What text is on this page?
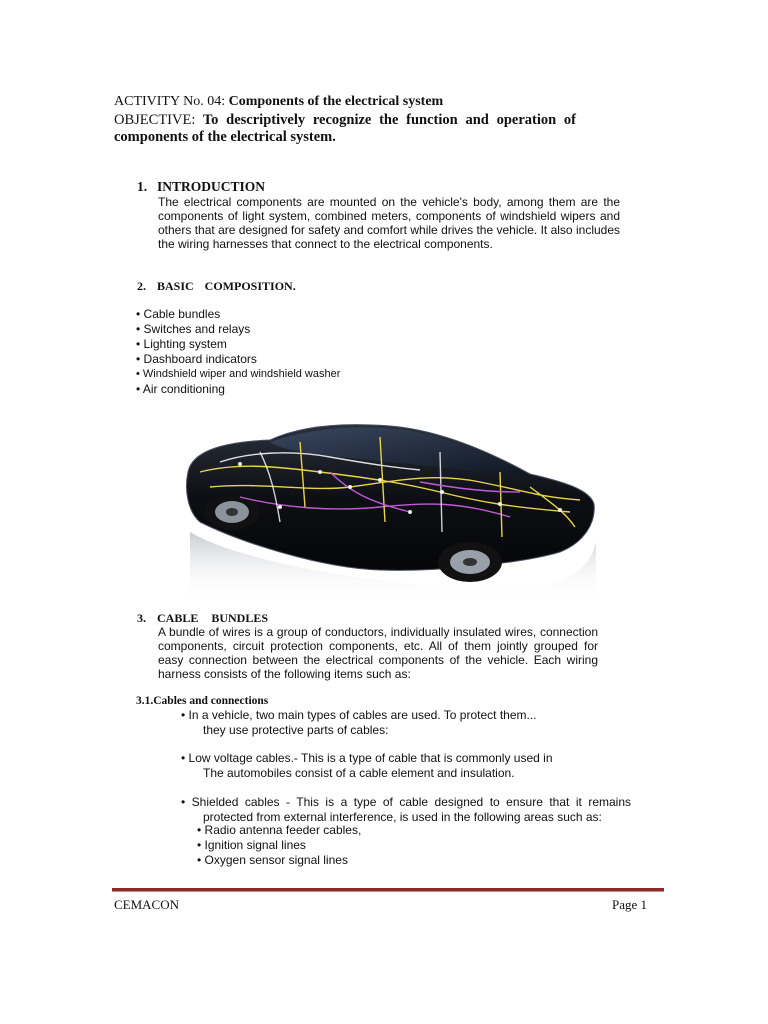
ACTIVITY No. 04: Components of the electrical system
OBJECTIVE: To descriptively recognize the function and operation of components of the electrical system.
1. INTRODUCTION
The electrical components are mounted on the vehicle's body, among them are the components of light system, combined meters, components of windshield wipers and others that are designed for safety and comfort while drives the vehicle. It also includes the wiring harnesses that connect to the electrical components.
2. BASIC COMPOSITION.
• Cable bundles
• Switches and relays
• Lighting system
• Dashboard indicators
• Windshield wiper and windshield washer
• Air conditioning
3. CABLE BUNDLES
A bundle of wires is a group of conductors, individually insulated wires, connection components, circuit protection components, etc. All of them jointly grouped for easy connection between the electrical components of the vehicle. Each wiring harness consists of the following items such as:
3.1.Cables and connections
• In a vehicle, two main types of cables are used. To protect them...
they use protective parts of cables:
• Low voltage cables.- This is a type of cable that is commonly used in
The automobiles consist of a cable element and insulation.
• Shielded cables - This is a type of cable designed to ensure that it remains
protected from external interference, is used in the following areas such as:
• Radio antenna feeder cables,
• Ignition signal lines
• Oxygen sensor signal lines
CEMACON	Page 1
